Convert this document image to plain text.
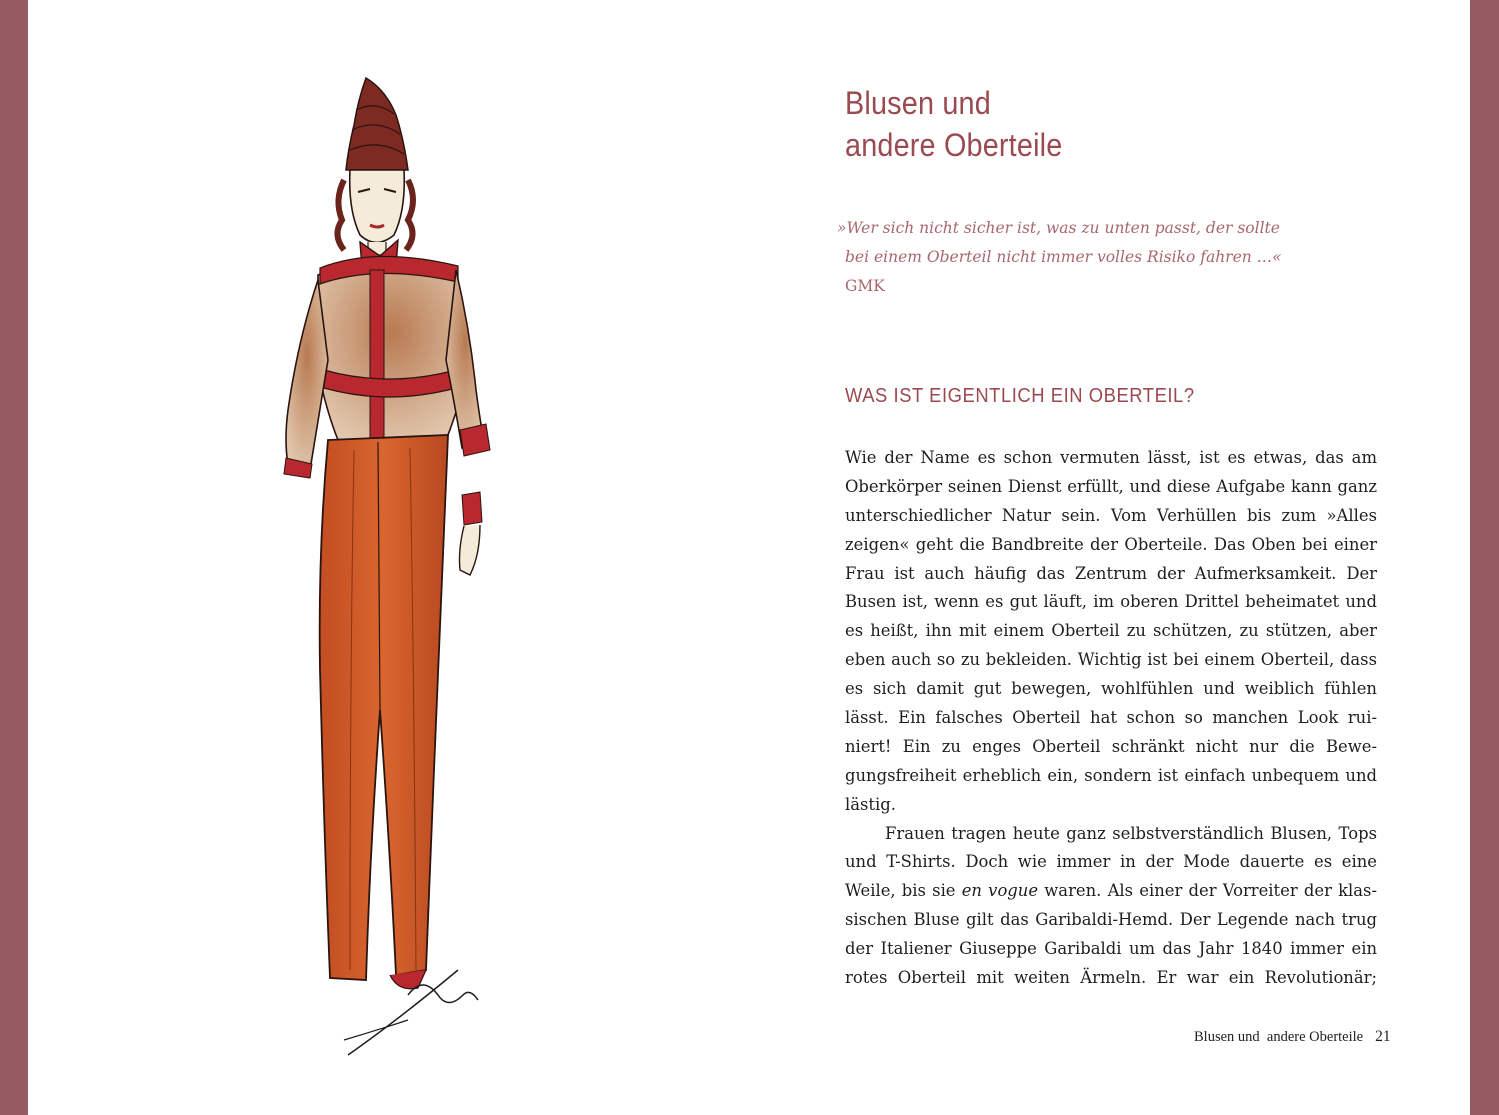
Blusen und
andere Oberteile
»Wer sich nicht sicher ist, was zu unten passt, der sollte
bei einem Oberteil nicht immer volles Risiko fahren …«
GMK
WAS IST EIGENTLICH EIN OBERTEIL?
Wie der Name es schon vermuten lässt, ist es etwas, das am
Oberkörper seinen Dienst erfüllt, und diese Aufgabe kann ganz
unterschiedlicher Natur sein. Vom Verhüllen bis zum »Alles
zeigen« geht die Bandbreite der Oberteile. Das Oben bei einer
Frau ist auch häufig das Zentrum der Aufmerksamkeit. Der
Busen ist, wenn es gut läuft, im oberen Drittel beheimatet und
es heißt, ihn mit einem Oberteil zu schützen, zu stützen, aber
eben auch so zu bekleiden. Wichtig ist bei einem Oberteil, dass
es sich damit gut bewegen, wohlfühlen und weiblich fühlen
lässt. Ein falsches Oberteil hat schon so manchen Look rui-
niert! Ein zu enges Oberteil schränkt nicht nur die Bewe-
gungsfreiheit erheblich ein, sondern ist einfach unbequem und
lästig.
Frauen tragen heute ganz selbstverständlich Blusen, Tops
und T-Shirts. Doch wie immer in der Mode dauerte es eine
Weile, bis sie en vogue waren. Als einer der Vorreiter der klas-
sischen Bluse gilt das Garibaldi-Hemd. Der Legende nach trug
der Italiener Giuseppe Garibaldi um das Jahr 1840 immer ein
rotes Oberteil mit weiten Ärmeln. Er war ein Revolutionär;
Blusen und  andere Oberteile 21
